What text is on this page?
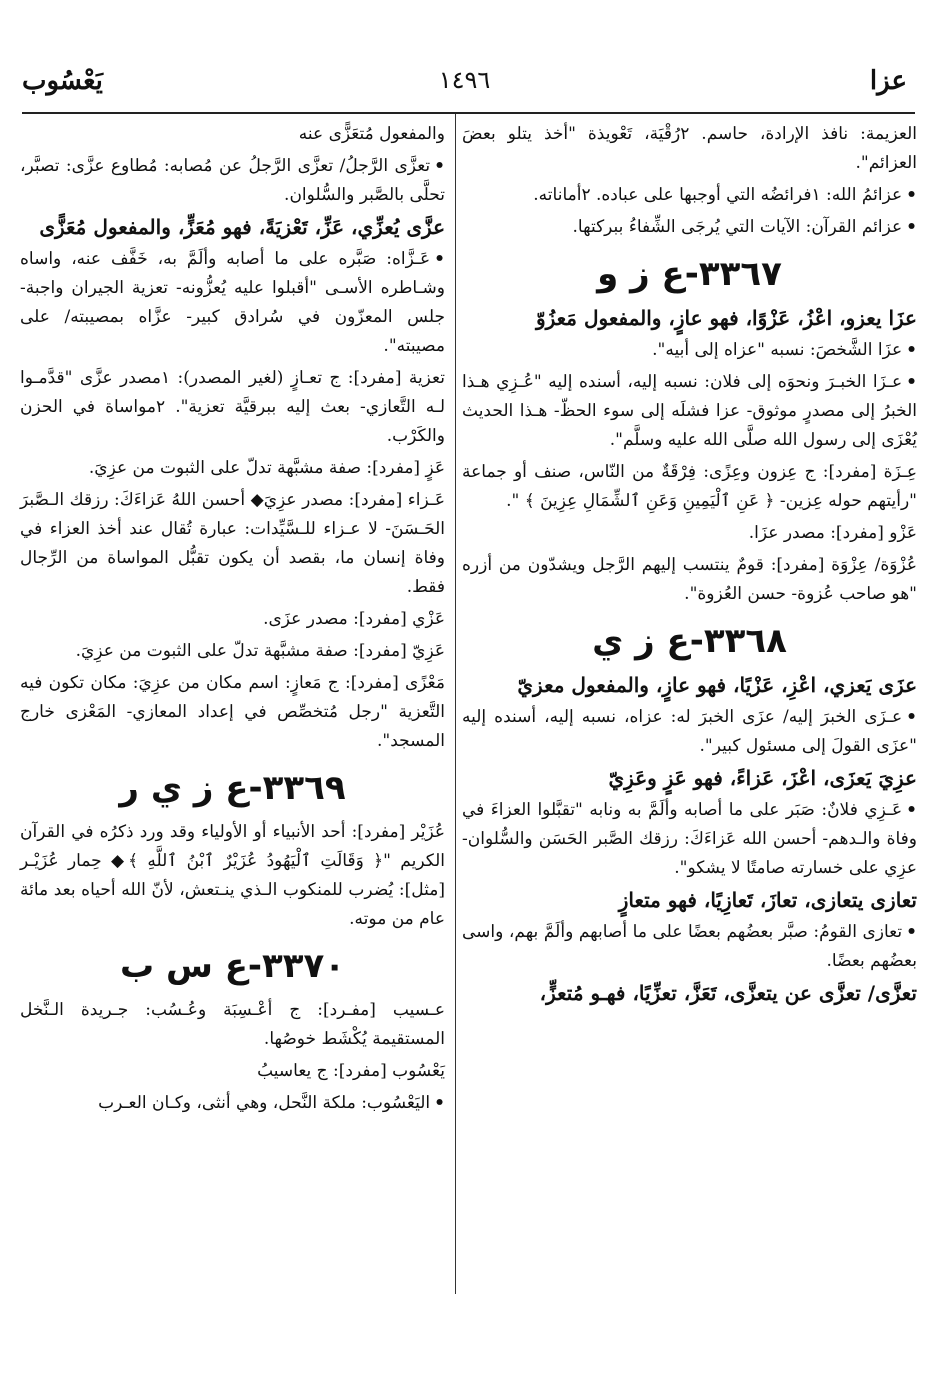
عزا
١٤٩٦
يَعْسُوب

العزيمة: نافذ الإرادة، حاسم. ٢رُقْيَة، تَعْويذة "أخذ يتلو بعضَ العزائم".

•عزائمُ الله: ١فرائضُه التي أوجبها على عباده. ٢أماناته.

•عزائم القرآن: الآيات التي يُرجَى الشِّفاءُ ببركتها.

٣٣٦٧-ع ز و

عزَا يعزو، اعْزُ، عَزْوًا، فهو عازٍ، والمفعول مَعزُوّ

•عزَا الشَّخصَ: نسبه "عزاه إلى أبيه".

•عـزَا الخبـرَ ونحوَه إلى فلان: نسبه إليه، أسنده إليه "عُـزِي هـذا الخبرُ إلى مصدرٍ موثوق- عزا فشلَه إلى سوء الحظّ- هـذا الحديث يُعْزَى إلى رسول الله صلَّى الله عليه وسلَّم".

عِـزَة [مفرد]: ج عِزون وعِزًى: فِرْقَةٌ من النّاس، صنف أو جماعة "رأيتهم حوله عِزين- ﴿ عَنِ ٱلْيَمِينِ وَعَنِ ٱلشِّمَالِ عِزِينَ ﴾ ".

عَزْو [مفرد]: مصدر عزَا.

عُزْوَة/ عِزْوَة [مفرد]: قومٌ ينتسب إليهم الرَّجل ويشدّون من أزره "هو صاحب عُزوة- حسن العُزوة".

٣٣٦٨-ع ز ي

عزَى يَعزي، اعْزِ، عَزْيًا، فهو عازٍ، والمفعول معزيّ

•عـزَى الخبرَ إليه/ عزَى الخبرَ له: عزاه، نسبه إليه، أسنده إليه "عزَى القولَ إلى مسئول كبير".

عزِيَ يَعزَى، اعْزَ، عَزاءً، فهو عَزٍ وعَزِيّ

•عَـزِي فلانٌ: صَبَر على ما أصابه وألَمَّ به ونابه "تقبَّلوا العزاءَ في وفاة والـدهم- أحسن الله عَزاءَكَ: رزقك الصَّبر الحَسَن والسُّلوان- عزِي على خسارته صامتًا لا يشكو".

تعازى يتعازى، تعازَ، تَعازِيًا، فهو متعازٍ

•تعازى القومُ: صبَّر بعضُهم بعضًا على ما أصابهم وألَمَّ بهم، واسى بعضُهم بعضًا.

تعزَّى/ تعزَّى عن يتعزَّى، تَعَزَّ، تعزِّيًا، فهـو مُتعزٍّ،

والمفعول مُتعَزًّى عنه

•تعزَّى الرَّجلُ/ تعزَّى الرَّجلُ عن مُصابه: مُطاوع عزَّى: تصبَّر، تحلَّى بالصَّبر والسُّلوان.

عزَّى يُعزِّي، عَزِّ، تَعْزيَةً، فهو مُعَزٍّ، والمفعول مُعَزًّى

•عَـزَّاه: صَبَّره على ما أصابه وألَمَّ به، خَفَّف عنه، واساه وشـاطره الأسـى "أقبلوا عليه يُعزُّونه- تعزية الجيران واجبة- جلس المعزّون في سُرادق كبير- عزَّاه بمصيبته/ على مصيبته".

تعزية [مفرد]: ج تعـازٍ (لغير المصدر): ١مصدر عزَّى "قدَّمـوا لـه التَّعازي- بعث إليه ببرقيَّة تعزية". ٢مواساة في الحزن والكَرْب.

عَزٍ [مفرد]: صفة مشبَّهة تدلّ على الثبوت من عزِيَ.

عَـزاء [مفرد]: مصدر عزِيَ◆ أحسن اللهُ عَزاءَكَ: رزقك الـصَّبرَ الحَـسَنَ- لا عـزاء للـسَّيِّدات: عبارة تُقال عند أخذ العزاء في وفاة إنسان ما، بقصد أن يكون تقبُّل المواساة من الرِّجال فقط.

عَزْي [مفرد]: مصدر عزَى.

عَزِيّ [مفرد]: صفة مشبَّهة تدلّ على الثبوت من عزِيَ.

مَعْزًى [مفرد]: ج مَعازٍ: اسم مكان من عزِيَ: مكان تكون فيه التَّعزية "رجل مُتخصِّص في إعداد المعازي- المَعْزى خارج المسجد".

٣٣٦٩-ع ز ي ر

عُزَيْر [مفرد]: أحد الأنبياء أو الأولياء وقد ورد ذكرُه في القرآن الكريم "﴿ وَقَالَتِ ٱلْيَهُودُ عُزَيْرٌ ٱبْنُ ٱللَّهِ ﴾◆ حِمار عُزَيْـر [مثل]: يُضرب للمنكوب الـذي ينـتعش، لأنّ الله أحياه بعد مائة عام من موته.

٣٣٧٠-ع س ب

عـسيب [مفـرد]: ج أعْـسِبَة وعُـسُب: جـريدة الـنَّخل المستقيمة يُكْشَط خوصُها.

يَعْسُوب [مفرد]: ج يعاسيبُ

•اليَعْسُوب: ملكة النَّحل، وهي أنثى، وكـان العـرب
